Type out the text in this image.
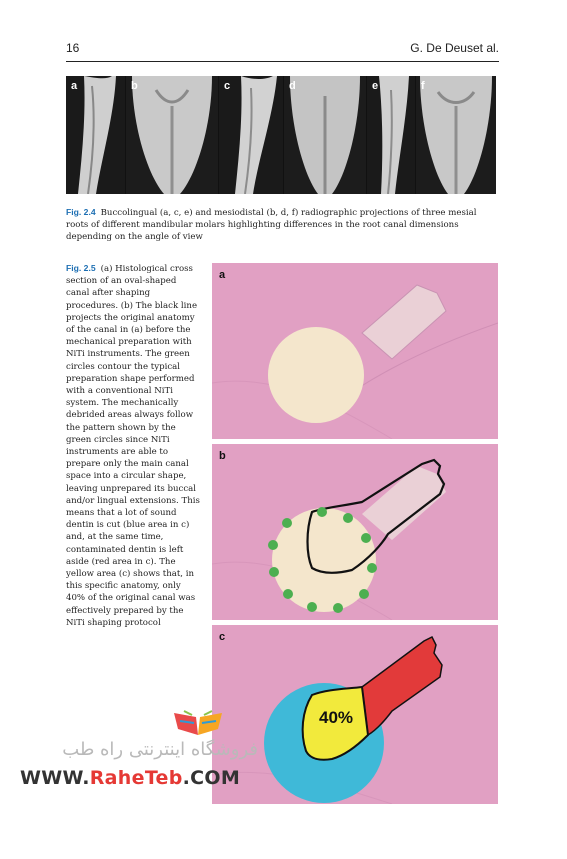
16	G. De Deuset al.
a	b	c	d	e	f
Fig. 2.4 Buccolingual (a, c, e) and mesiodistal (b, d, f) radiographic projections of three mesial roots of different mandibular molars highlighting differences in the root canal dimensions depending on the angle of view
Fig. 2.5 (a) Histological cross section of an oval-shaped canal after shaping procedures. (b) The black line projects the original anatomy of the canal in (a) before the mechanical preparation with NiTi instruments. The green circles contour the typical preparation shape performed with a conventional NiTi system. The mechanically debrided areas always follow the pattern shown by the green circles since NiTi instruments are able to prepare only the main canal space into a circular shape, leaving unprepared its buccal and/or lingual extensions. This means that a lot of sound dentin is cut (blue area in c) and, at the same time, contaminated dentin is left aside (red area in c). The yellow area (c) shows that, in this specific anatomy, only 40% of the original canal was effectively prepared by the NiTi shaping protocol
a
b
40%
c
فروشگاه اینترنتی راه طب
WWW.RaheTeb.COM
